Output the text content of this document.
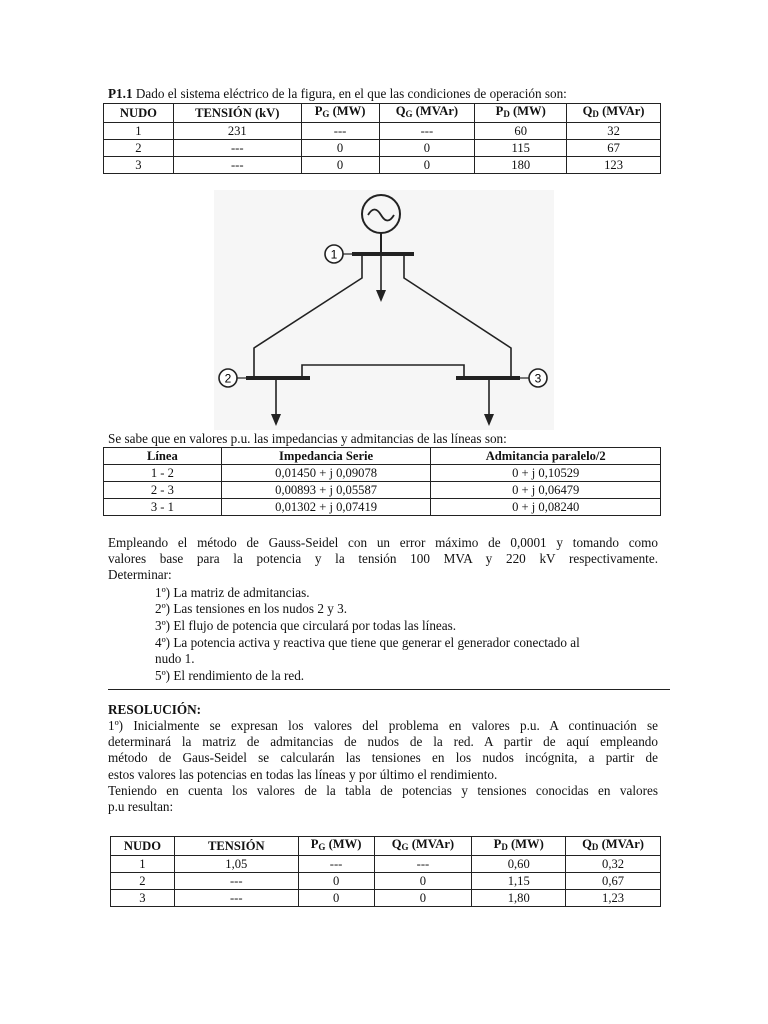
P1.1 Dado el sistema eléctrico de la figura, en el que las condiciones de operación son:
NUDO	TENSIÓN (kV)	$P_G$ (MW)	$Q_G$ (MVAr)	$P_D$ (MW)	$Q_D$ (MVAr)
1	231	---	---	60	32
2	---	0	0	115	67
3	---	0	0	180	123
1
2	3
Se sabe que en valores p.u. las impedancias y admitancias de las líneas son:
Línea	Impedancia Serie	Admitancia paralelo/2
1 - 2	0,01450 + j 0,09078	0 + j 0,10529
2 - 3	0,00893 + j 0,05587	0 + j 0,06479
3 - 1	0,01302 + j 0,07419	0 + j 0,08240
Empleando el método de Gauss-Seidel con un error máximo de 0,0001 y tomando como
valores base para la potencia y la tensión 100 MVA y 220 kV respectivamente.
Determinar:
1º) La matriz de admitancias.
2º) Las tensiones en los nudos 2 y 3.
3º) El flujo de potencia que circulará por todas las líneas.
4º) La potencia activa y reactiva que tiene que generar el generador conectado al
nudo 1.
5º) El rendimiento de la red.
RESOLUCIÓN:
1º) Inicialmente se expresan los valores del problema en valores p.u. A continuación se
determinará la matriz de admitancias de nudos de la red. A partir de aquí empleando
método de Gaus-Seidel se calcularán las tensiones en los nudos incógnita, a partir de
estos valores las potencias en todas las líneas y por último el rendimiento.
Teniendo en cuenta los valores de la tabla de potencias y tensiones conocidas en valores
p.u resultan:
NUDO	TENSIÓN	$P_G$ (MW)	$Q_G$ (MVAr)	$P_D$ (MW)	$Q_D$ (MVAr)
1	1,05	---	---	0,60	0,32
2	---	0	0	1,15	0,67
3	---	0	0	1,80	1,23
